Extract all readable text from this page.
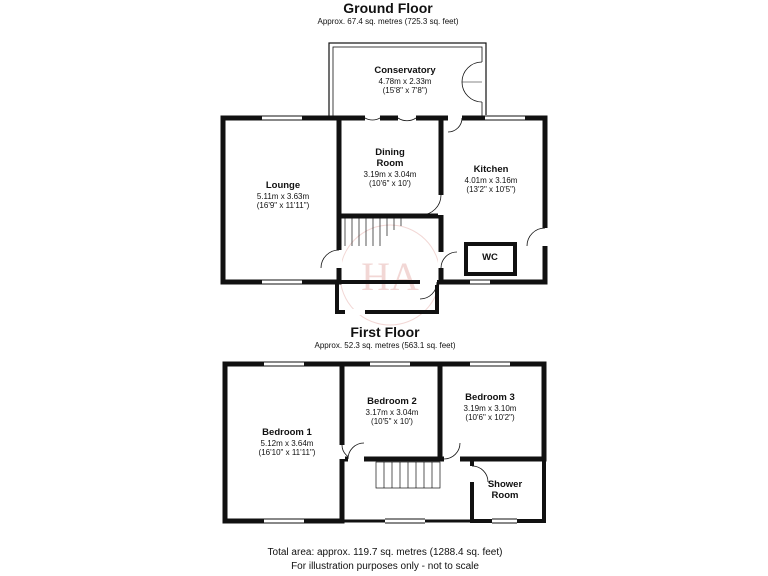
HA
Ground Floor
Approx. 67.4 sq. metres (725.3 sq. feet)
Conservatory
4.78m x 2.33m
(15'8" x 7'8")
Dining
Room
3.19m x 3.04m
(10'6" x 10')
Lounge
5.11m x 3.63m
(16'9" x 11'11")
Kitchen
4.01m x 3.16m
(13'2" x 10'5")
WC
First Floor
Approx. 52.3 sq. metres (563.1 sq. feet)
Bedroom 1
5.12m x 3.64m
(16'10" x 11'11")
Bedroom 2
3.17m x 3.04m
(10'5" x 10')
Bedroom 3
3.19m x 3.10m
(10'6" x 10'2")
Shower
Room
Total area: approx. 119.7 sq. metres (1288.4 sq. feet)
For illustration purposes only - not to scale
